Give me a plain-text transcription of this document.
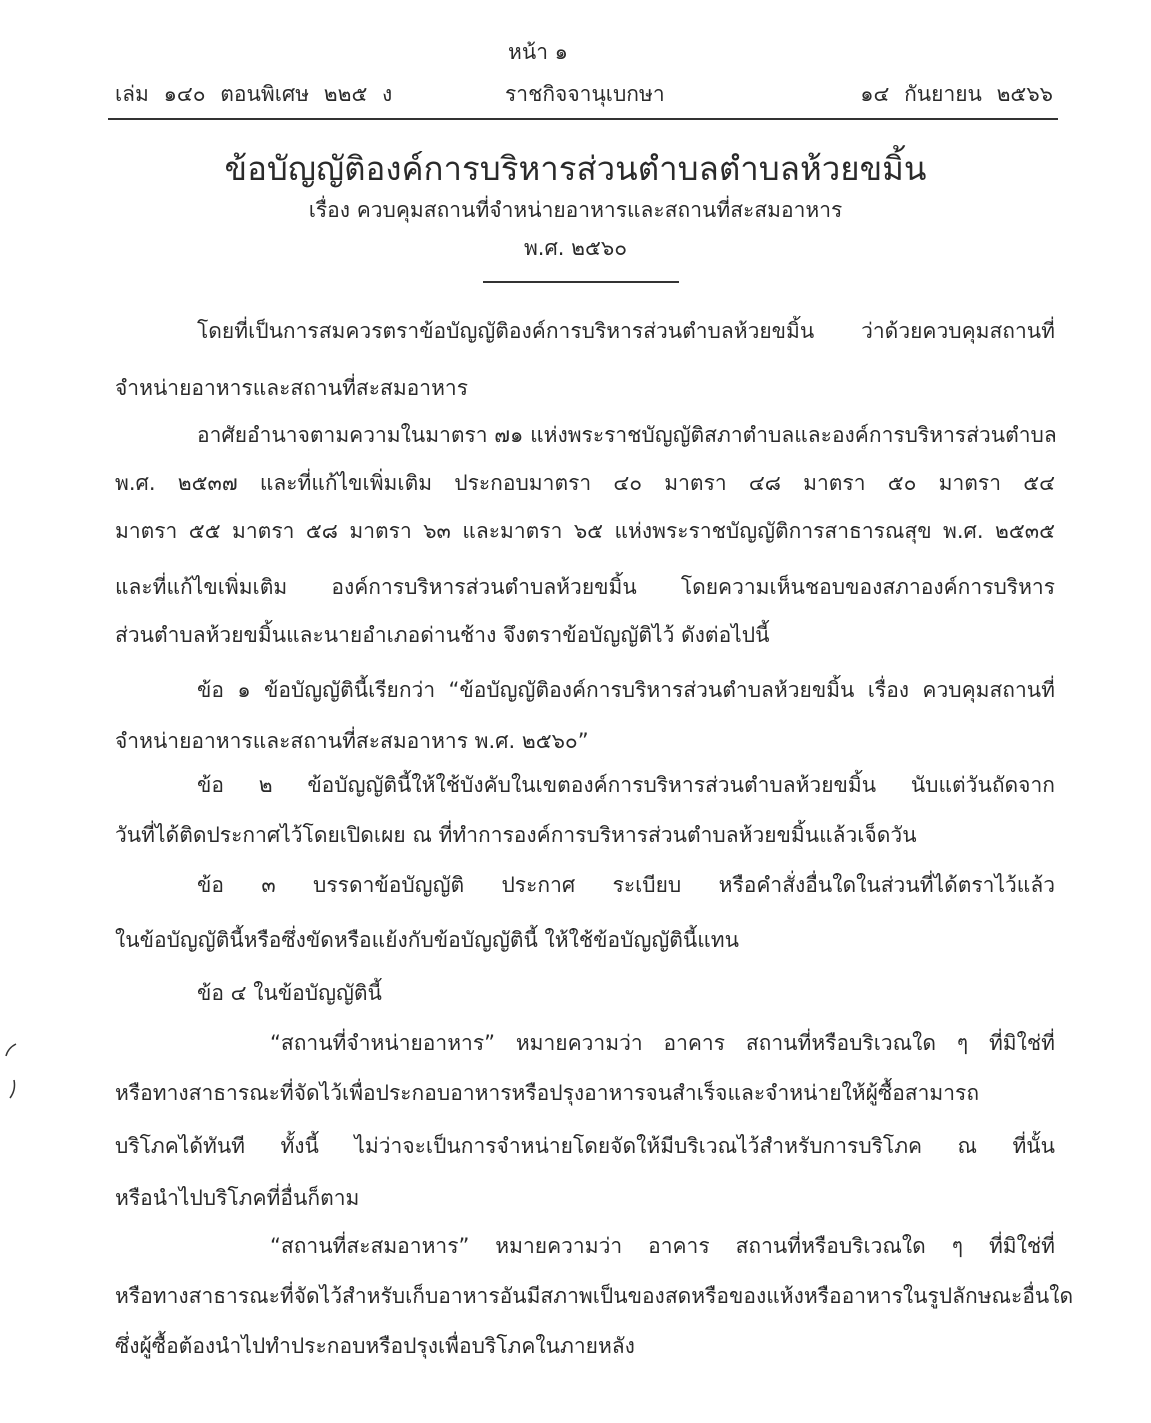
หน้า ๑
เล่ม ๑๔๐ ตอนพิเศษ ๒๒๕ ง	ราชกิจจานุเบกษา	๑๔ กันยายน ๒๕๖๖
ข้อบัญญัติองค์การบริหารส่วนตำบลตำบลห้วยขมิ้น
เรื่อง ควบคุมสถานที่จำหน่ายอาหารและสถานที่สะสมอาหาร
พ.ศ. ๒๕๖๐
โดยที่เป็นการสมควรตราข้อบัญญัติองค์การบริหารส่วนตำบลห้วยขมิ้น ว่าด้วยควบคุมสถานที่
จำหน่ายอาหารและสถานที่สะสมอาหาร
อาศัยอำนาจตามความในมาตรา ๗๑ แห่งพระราชบัญญัติสภาตำบลและองค์การบริหารส่วนตำบล
พ.ศ. ๒๕๓๗ และที่แก้ไขเพิ่มเติม ประกอบมาตรา ๔๐ มาตรา ๔๘ มาตรา ๕๐ มาตรา ๕๔
มาตรา ๕๕ มาตรา ๕๘ มาตรา ๖๓ และมาตรา ๖๕ แห่งพระราชบัญญัติการสาธารณสุข พ.ศ. ๒๕๓๕
และที่แก้ไขเพิ่มเติม องค์การบริหารส่วนตำบลห้วยขมิ้น โดยความเห็นชอบของสภาองค์การบริหาร
ส่วนตำบลห้วยขมิ้นและนายอำเภอด่านช้าง จึงตราข้อบัญญัติไว้ ดังต่อไปนี้
ข้อ ๑ ข้อบัญญัตินี้เรียกว่า “ข้อบัญญัติองค์การบริหารส่วนตำบลห้วยขมิ้น เรื่อง ควบคุมสถานที่
จำหน่ายอาหารและสถานที่สะสมอาหาร พ.ศ. ๒๕๖๐”
ข้อ ๒ ข้อบัญญัตินี้ให้ใช้บังคับในเขตองค์การบริหารส่วนตำบลห้วยขมิ้น นับแต่วันถัดจาก
วันที่ได้ติดประกาศไว้โดยเปิดเผย ณ ที่ทำการองค์การบริหารส่วนตำบลห้วยขมิ้นแล้วเจ็ดวัน
ข้อ ๓ บรรดาข้อบัญญัติ ประกาศ ระเบียบ หรือคำสั่งอื่นใดในส่วนที่ได้ตราไว้แล้ว
ในข้อบัญญัตินี้หรือซึ่งขัดหรือแย้งกับข้อบัญญัตินี้ ให้ใช้ข้อบัญญัตินี้แทน
ข้อ ๔ ในข้อบัญญัตินี้
“สถานที่จำหน่ายอาหาร” หมายความว่า อาคาร สถานที่หรือบริเวณใด ๆ ที่มิใช่ที่
หรือทางสาธารณะที่จัดไว้เพื่อประกอบอาหารหรือปรุงอาหารจนสำเร็จและจำหน่ายให้ผู้ซื้อสามารถ
บริโภคได้ทันที ทั้งนี้ ไม่ว่าจะเป็นการจำหน่ายโดยจัดให้มีบริเวณไว้สำหรับการบริโภค ณ ที่นั้น
หรือนำไปบริโภคที่อื่นก็ตาม
“สถานที่สะสมอาหาร” หมายความว่า อาคาร สถานที่หรือบริเวณใด ๆ ที่มิใช่ที่
หรือทางสาธารณะที่จัดไว้สำหรับเก็บอาหารอันมีสภาพเป็นของสดหรือของแห้งหรืออาหารในรูปลักษณะอื่นใด
ซึ่งผู้ซื้อต้องนำไปทำประกอบหรือปรุงเพื่อบริโภคในภายหลัง
